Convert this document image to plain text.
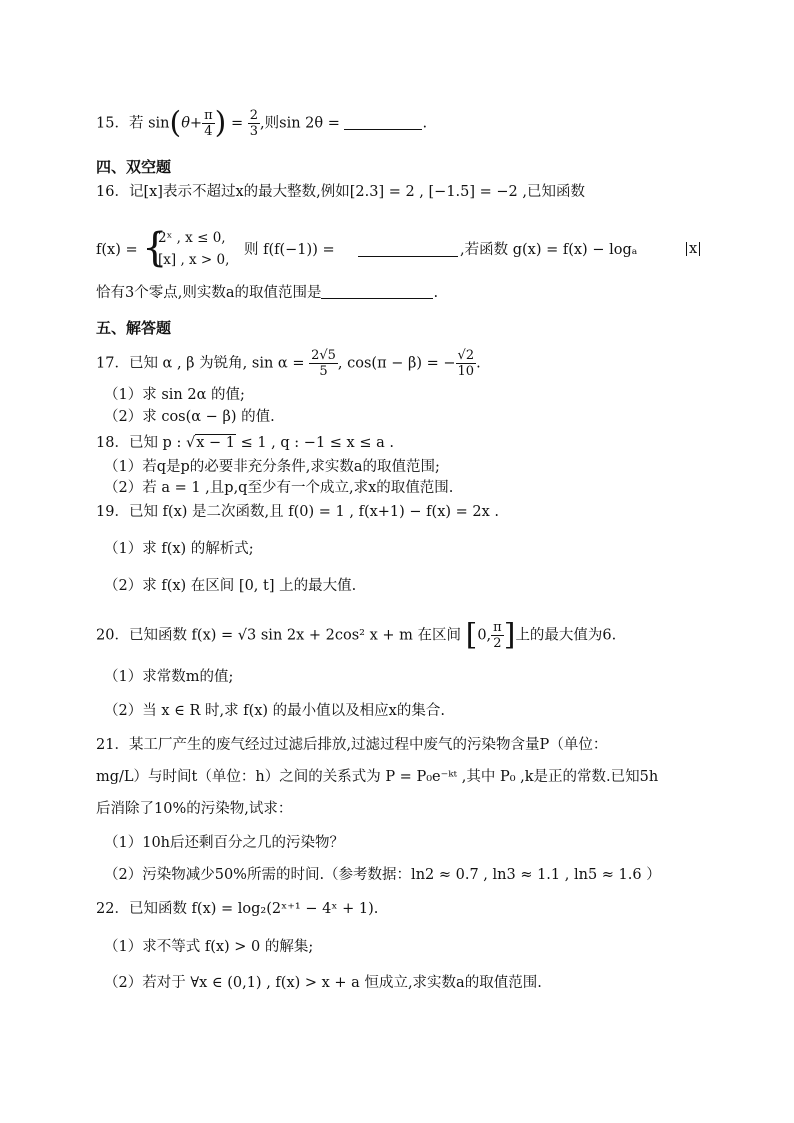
15．若 $\sin(\theta+ \frac{\pi}{4}$ ) = $\frac{2}{3}$ ,则sin 2θ =	.
四、双空题
16．记[x]表示不超过x的最大整数,例如[2.3] = 2 , [−1.5] = −2 ,已知函数
f(x) = {
2ˣ , x ≤ 0,
[x] , x > 0,
则 f(f(−1)) =	,若函数 g(x) = f(x) − logₐ	x
恰有3个零点,则实数a的取值范围是	.
五、解答题
17．已知 α , β 为锐角, $\sin \alpha = \frac{2√5}{5}$ , cos(π − β) = − $\frac{√2}{10}$ .
（1）求 sin 2α 的值;
（2）求 cos(α − β) 的值.
18．已知 p : √x − 1 ≤ 1 , q : −1 ≤ x ≤ a .
（1）若q是p的必要非充分条件,求实数a的取值范围;
（2）若 a = 1 ,且p,q至少有一个成立,求x的取值范围.
19．已知 f(x) 是二次函数,且 f(0) = 1 , f(x+1) − f(x) = 2x .
（1）求 f(x) 的解析式;
（2）求 f(x) 在区间 [0, t] 上的最大值.
20．已知函数 f(x) = √3 sin 2x + 2cos² x + m 在区间 [0, $\frac{\pi}{2}$ ]上的最大值为6.
（1）求常数m的值;
（2）当 x ∈ R 时,求 f(x) 的最小值以及相应x的集合.
21．某工厂产生的废气经过过滤后排放,过滤过程中废气的污染物含量P（单位：
mg/L）与时间t（单位：h）之间的关系式为 P = P₀e⁻ᵏᵗ ,其中 P₀ ,k是正的常数.已知5h
后消除了10%的污染物,试求：
（1）10h后还剩百分之几的污染物？
（2）污染物减少50%所需的时间.（参考数据：ln2 ≈ 0.7 , ln3 ≈ 1.1 , ln5 ≈ 1.6 ）
22．已知函数 f(x) = log₂(2ˣ⁺¹ − 4ˣ + 1).
（1）求不等式 f(x) > 0 的解集;
（2）若对于 ∀x ∈ (0,1) , f(x) > x + a 恒成立,求实数a的取值范围.
